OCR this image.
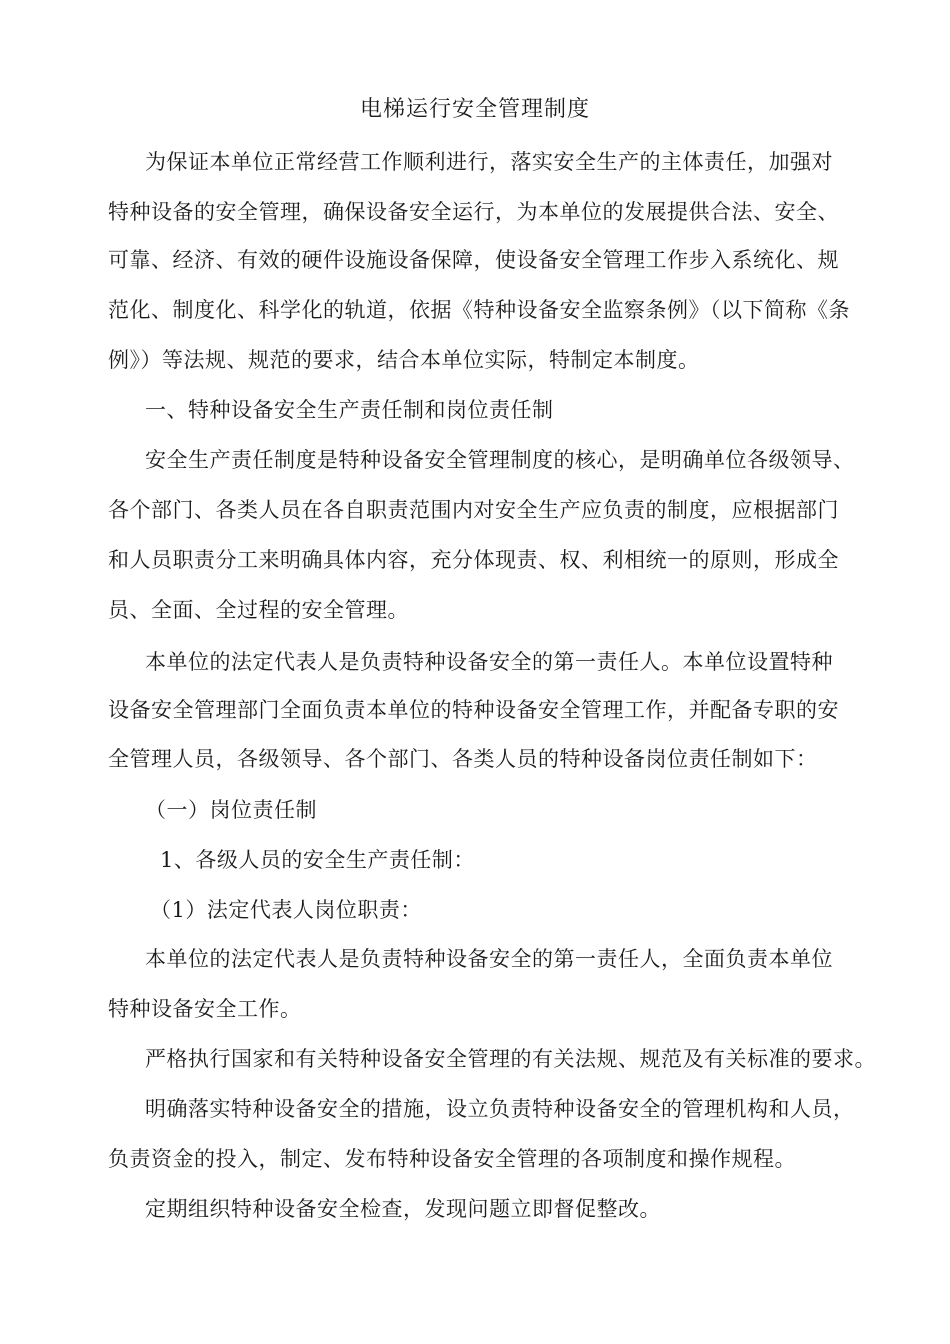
电梯运行安全管理制度
为保证本单位正常经营工作顺利进行，落实安全生产的主体责任，加强对
特种设备的安全管理，确保设备安全运行，为本单位的发展提供合法、安全、
可靠、经济、有效的硬件设施设备保障，使设备安全管理工作步入系统化、规
范化、制度化、科学化的轨道，依据《特种设备安全监察条例》（以下简称《条
例》）等法规、规范的要求，结合本单位实际，特制定本制度。
一、特种设备安全生产责任制和岗位责任制
安全生产责任制度是特种设备安全管理制度的核心，是明确单位各级领导、
各个部门、各类人员在各自职责范围内对安全生产应负责的制度，应根据部门
和人员职责分工来明确具体内容，充分体现责、权、利相统一的原则，形成全
员、全面、全过程的安全管理。
本单位的法定代表人是负责特种设备安全的第一责任人。本单位设置特种
设备安全管理部门全面负责本单位的特种设备安全管理工作，并配备专职的安
全管理人员，各级领导、各个部门、各类人员的特种设备岗位责任制如下：
（一）岗位责任制
1、各级人员的安全生产责任制：
（1）法定代表人岗位职责：
本单位的法定代表人是负责特种设备安全的第一责任人，全面负责本单位
特种设备安全工作。
严格执行国家和有关特种设备安全管理的有关法规、规范及有关标准的要求。
明确落实特种设备安全的措施，设立负责特种设备安全的管理机构和人员，
负责资金的投入，制定、发布特种设备安全管理的各项制度和操作规程。
定期组织特种设备安全检查，发现问题立即督促整改。
